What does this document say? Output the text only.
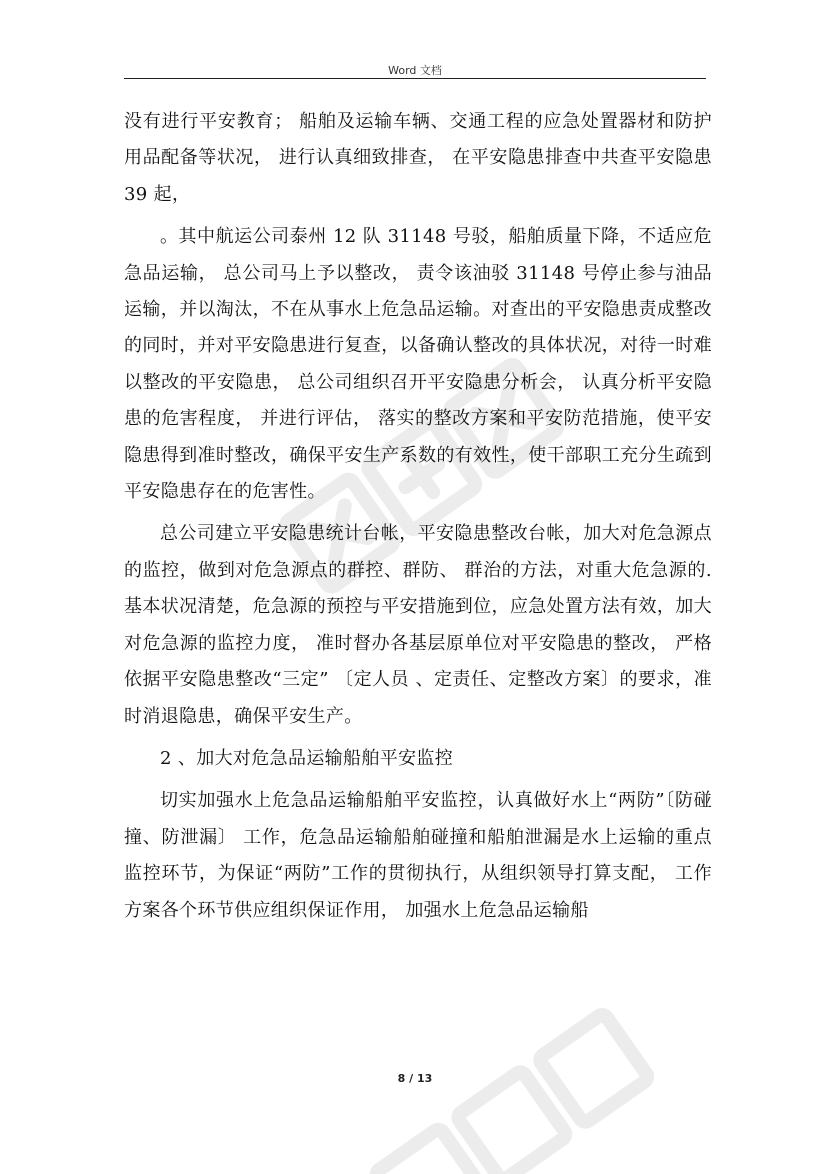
Word 文档

没有进行平安教育； 船舶及运输车辆、交通工程的应急处置器材和防护用品配备等状况， 进行认真细致排查， 在平安隐患排查中共查平安隐患 39 起，

。其中航运公司泰州 12 队 31148 号驳，船舶质量下降，不适应危急品运输， 总公司马上予以整改， 责令该油驳 31148 号停止参与油品运输，并以淘汰，不在从事水上危急品运输。对查出的平安隐患责成整改的同时，并对平安隐患进行复查，以备确认整改的具体状况，对待一时难以整改的平安隐患， 总公司组织召开平安隐患分析会， 认真分析平安隐患的危害程度， 并进行评估， 落实的整改方案和平安防范措施，使平安隐患得到准时整改，确保平安生产系数的有效性，使干部职工充分生疏到平安隐患存在的危害性。

总公司建立平安隐患统计台帐，平安隐患整改台帐，加大对危急源点的监控，做到对危急源点的群控、群防、 群治的方法，对重大危急源的.基本状况清楚，危急源的预控与平安措施到位，应急处置方法有效，加大对危急源的监控力度， 准时督办各基层原单位对平安隐患的整改， 严格依据平安隐患整改“三定” 〔定人员 、定责任、定整改方案〕的要求，准时消退隐患，确保平安生产。

2 、加大对危急品运输船舶平安监控

切实加强水上危急品运输船舶平安监控，认真做好水上“两防”〔防碰撞、防泄漏〕 工作，危急品运输船舶碰撞和船舶泄漏是水上运输的重点监控环节，为保证“两防”工作的贯彻执行，从组织领导打算支配， 工作方案各个环节供应组织保证作用， 加强水上危急品运输船

8 / 13
